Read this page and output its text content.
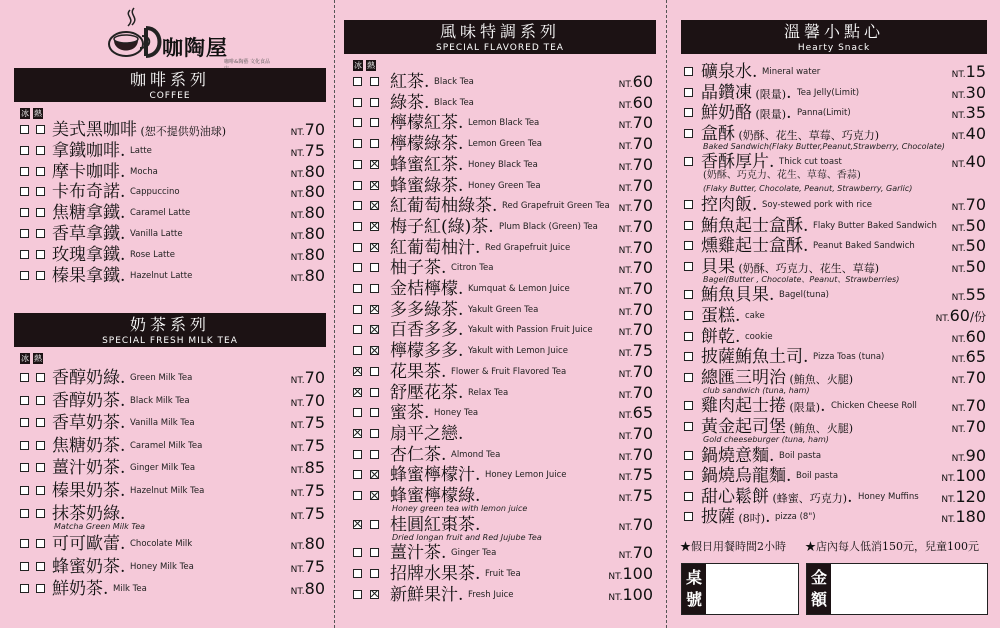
咖陶屋
咖啡&陶藝 文化食品
咖啡系列
COFFEE
冰 熱
美式黑咖啡 (恕不提供奶油球)	NT.70
拿鐵咖啡. Latte	NT.75
摩卡咖啡. Mocha	NT.80
卡布奇諾. Cappuccino	NT.80
焦糖拿鐵. Caramel Latte	NT.80
香草拿鐵. Vanilla Latte	NT.80
玫瑰拿鐵. Rose Latte	NT.80
榛果拿鐵. Hazelnut Latte	NT.80
奶茶系列
SPECIAL FRESH MILK TEA
冰 熱
香醇奶綠. Green Milk Tea	NT.70
香醇奶茶. Black Milk Tea	NT.70
香草奶茶. Vanilla Milk Tea	NT.75
焦糖奶茶. Caramel Milk Tea	NT.75
薑汁奶茶. Ginger Milk Tea	NT.85
榛果奶茶. Hazelnut Milk Tea	NT.75
抹茶奶綠.
Matcha Green Milk Tea
NT.75
可可歐蕾. Chocolate Milk	NT.80
蜂蜜奶茶. Honey Milk Tea	NT.75
鮮奶茶. Milk Tea	NT.80
風味特調系列
SPECIAL FLAVORED TEA
冰 熱
紅茶. Black Tea	NT.60
綠茶. Black Tea	NT.60
檸檬紅茶. Lemon Black Tea	NT.70
檸檬綠茶. Lemon Green Tea	NT.70
蜂蜜紅茶. Honey Black Tea	NT.70
蜂蜜綠茶. Honey Green Tea	NT.70
紅葡萄柚綠茶. Red Grapefruit Green Tea NT.70
梅子紅(綠)茶. Plum Black (Green) Tea NT.70
紅葡萄柚汁. Red Grapefruit Juice	NT.70
柚子茶. Citron Tea	NT.70
金桔檸檬. Kumquat & Lemon Juice	NT.70
多多綠茶. Yakult Green Tea	NT.70
百香多多. Yakult with Passion Fruit Juice	NT.70
檸檬多多. Yakult with Lemon Juice	NT.75
花果茶. Flower & Fruit Flavored Tea	NT.70
舒壓花茶. Relax Tea	NT.70
蜜茶. Honey Tea	NT.65
扇平之戀.	NT.70
杏仁茶. Almond Tea	NT.70
蜂蜜檸檬汁. Honey Lemon Juice	NT.75
蜂蜜檸檬綠.
Honey green tea with lemon juice
NT.75
桂圓紅棗茶.
Dried longan fruit and Red Jujube Tea
NT.70
薑汁茶. Ginger Tea	NT.70
招牌水果茶. Fruit Tea	NT.100
新鮮果汁. Fresh Juice	NT.100
溫馨小點心
Hearty Snack
礦泉水. Mineral water	NT.15
晶鑽凍 (限量). Tea Jelly(Limit)	NT.30
鮮奶酪 (限量). Panna(Limit)	NT.35
盒酥 (奶酥、花生、草莓、巧克力)
Baked Sandwich(Flaky Butter,Peanut,Strawberry, Chocolate)
NT.40
香酥厚片. Thick cut toast
(奶酥、巧克力、花生、草莓、香蒜)
(Flaky Butter, Chocolate, Peanut, Strawberry, Garlic)
NT.40
控肉飯. Soy-stewed pork with rice	NT.70
鮪魚起士盒酥. Flaky Butter Baked Sandwich NT.50
燻雞起士盒酥. Peanut Baked Sandwich	NT.50
貝果 (奶酥、巧克力、花生、草莓)
Bagel(Butter , Chocolate、Peanut、Strawberries)
NT.50
鮪魚貝果. Bagel(tuna)	NT.55
蛋糕. cake	NT.60/份
餅乾. cookie	NT.60
披薩鮪魚土司. Pizza Toas (tuna)	NT.65
總匯三明治 (鮪魚、火腿)
club sandwich (tuna, ham)
NT.70
雞肉起士捲 (限量). Chicken Cheese Roll	NT.70
黃金起司堡 (鮪魚、火腿)
Gold cheeseburger (tuna, ham)
NT.70
鍋燒意麵. Boil pasta	NT.90
鍋燒烏龍麵. Boil pasta	NT.100
甜心鬆餅 (蜂蜜、巧克力). Honey Muffins	NT.120
披薩 (8吋). pizza (8")	NT.180
★假日用餐時間2小時 ★店內每人低消150元，兒童100元
桌號
金額
